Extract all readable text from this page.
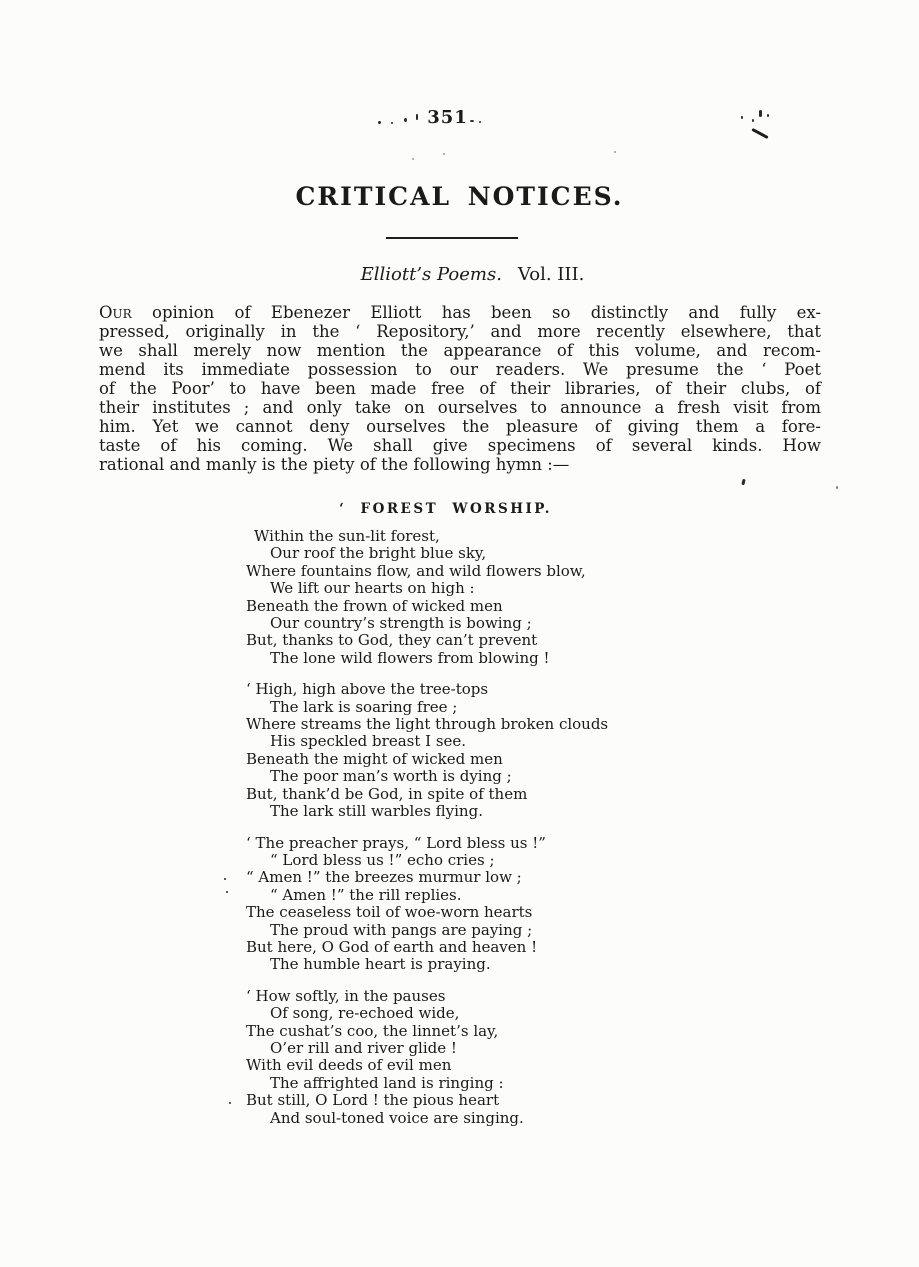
351
CRITICAL NOTICES.
Elliott’s Poems. Vol. III.
Our opinion of Ebenezer Elliott has been so distinctly and fully ex-
pressed, originally in the ‘ Repository,’ and more recently elsewhere, that
we shall merely now mention the appearance of this volume, and recom-
mend its immediate possession to our readers. We presume the ‘ Poet
of the Poor’ to have been made free of their libraries, of their clubs, of
their institutes ; and only take on ourselves to announce a fresh visit from
him. Yet we cannot deny ourselves the pleasure of giving them a fore-
taste of his coming. We shall give specimens of several kinds. How
rational and manly is the piety of the following hymn :—
‘ FOREST WORSHIP.
Within the sun-lit forest,
Our roof the bright blue sky,
Where fountains flow, and wild flowers blow,
We lift our hearts on high :
Beneath the frown of wicked men
Our country’s strength is bowing ;
But, thanks to God, they can’t prevent
The lone wild flowers from blowing !
‘ High, high above the tree-tops
The lark is soaring free ;
Where streams the light through broken clouds
His speckled breast I see.
Beneath the might of wicked men
The poor man’s worth is dying ;
But, thank’d be God, in spite of them
The lark still warbles flying.
‘ The preacher prays, “ Lord bless us !”
“ Lord bless us !” echo cries ;
“ Amen !” the breezes murmur low ;
“ Amen !” the rill replies.
The ceaseless toil of woe-worn hearts
The proud with pangs are paying ;
But here, O God of earth and heaven !
The humble heart is praying.
‘ How softly, in the pauses
Of song, re-echoed wide,
The cushat’s coo, the linnet’s lay,
O’er rill and river glide !
With evil deeds of evil men
The affrighted land is ringing :
But still, O Lord ! the pious heart
And soul-toned voice are singing.
